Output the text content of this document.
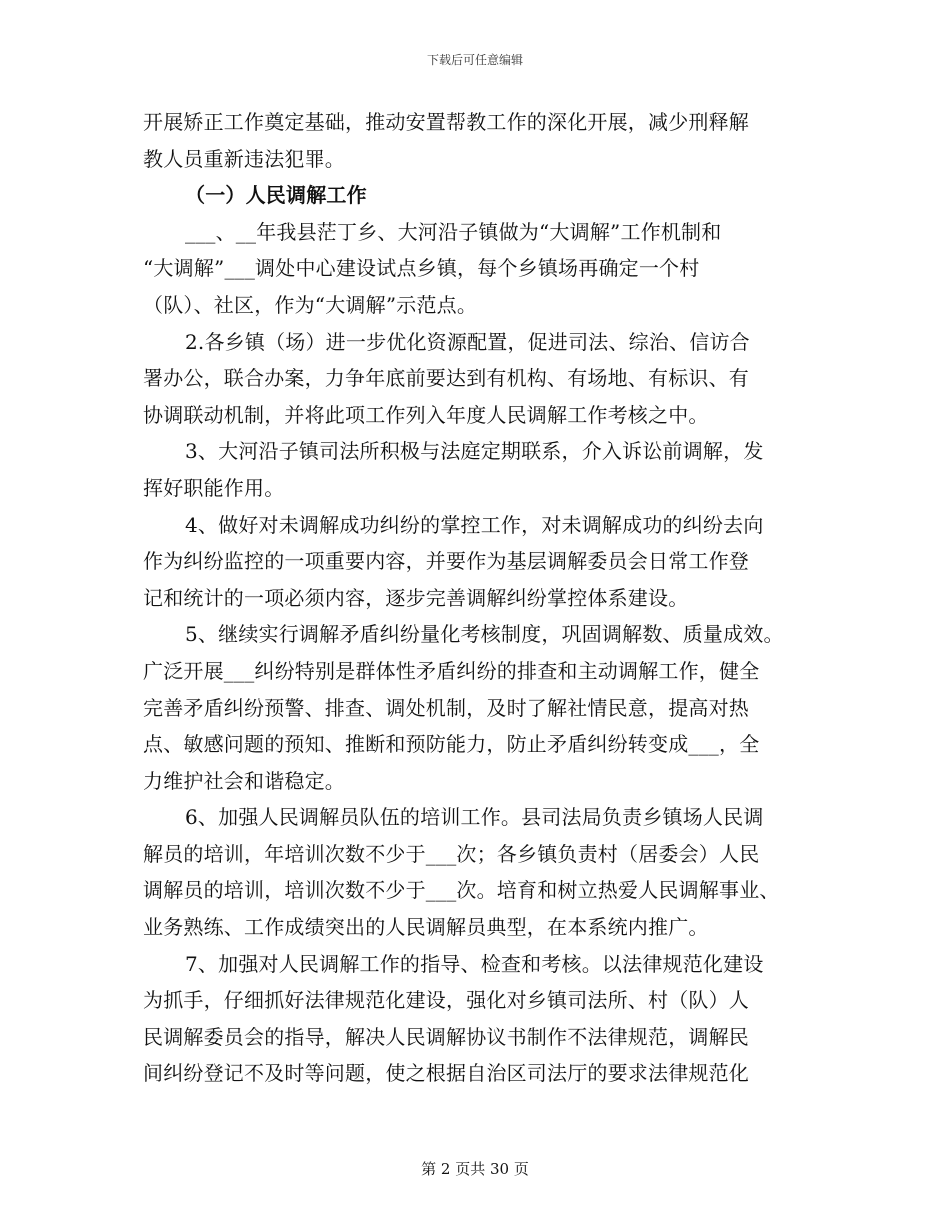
下载后可任意编辑
开展矫正工作奠定基础，推动安置帮教工作的深化开展，减少刑释解
教人员重新违法犯罪。
（一）人民调解工作
___、__年我县茫丁乡、大河沿子镇做为“大调解”工作机制和
“大调解”___调处中心建设试点乡镇，每个乡镇场再确定一个村
（队）、社区，作为“大调解”示范点。
2.各乡镇（场）进一步优化资源配置，促进司法、综治、信访合
署办公，联合办案，力争年底前要达到有机构、有场地、有标识、有
协调联动机制，并将此项工作列入年度人民调解工作考核之中。
3、大河沿子镇司法所积极与法庭定期联系，介入诉讼前调解，发
挥好职能作用。
4、做好对未调解成功纠纷的掌控工作，对未调解成功的纠纷去向
作为纠纷监控的一项重要内容，并要作为基层调解委员会日常工作登
记和统计的一项必须内容，逐步完善调解纠纷掌控体系建设。
5、继续实行调解矛盾纠纷量化考核制度，巩固调解数、质量成效。
广泛开展___纠纷特别是群体性矛盾纠纷的排查和主动调解工作，健全
完善矛盾纠纷预警、排查、调处机制，及时了解社情民意，提高对热
点、敏感问题的预知、推断和预防能力，防止矛盾纠纷转变成___，全
力维护社会和谐稳定。
6、加强人民调解员队伍的培训工作。县司法局负责乡镇场人民调
解员的培训，年培训次数不少于___次；各乡镇负责村（居委会）人民
调解员的培训，培训次数不少于___次。培育和树立热爱人民调解事业、
业务熟练、工作成绩突出的人民调解员典型，在本系统内推广。
7、加强对人民调解工作的指导、检查和考核。以法律规范化建设
为抓手，仔细抓好法律规范化建设，强化对乡镇司法所、村（队）人
民调解委员会的指导，解决人民调解协议书制作不法律规范，调解民
间纠纷登记不及时等问题，使之根据自治区司法厅的要求法律规范化
第 2 页共 30 页
